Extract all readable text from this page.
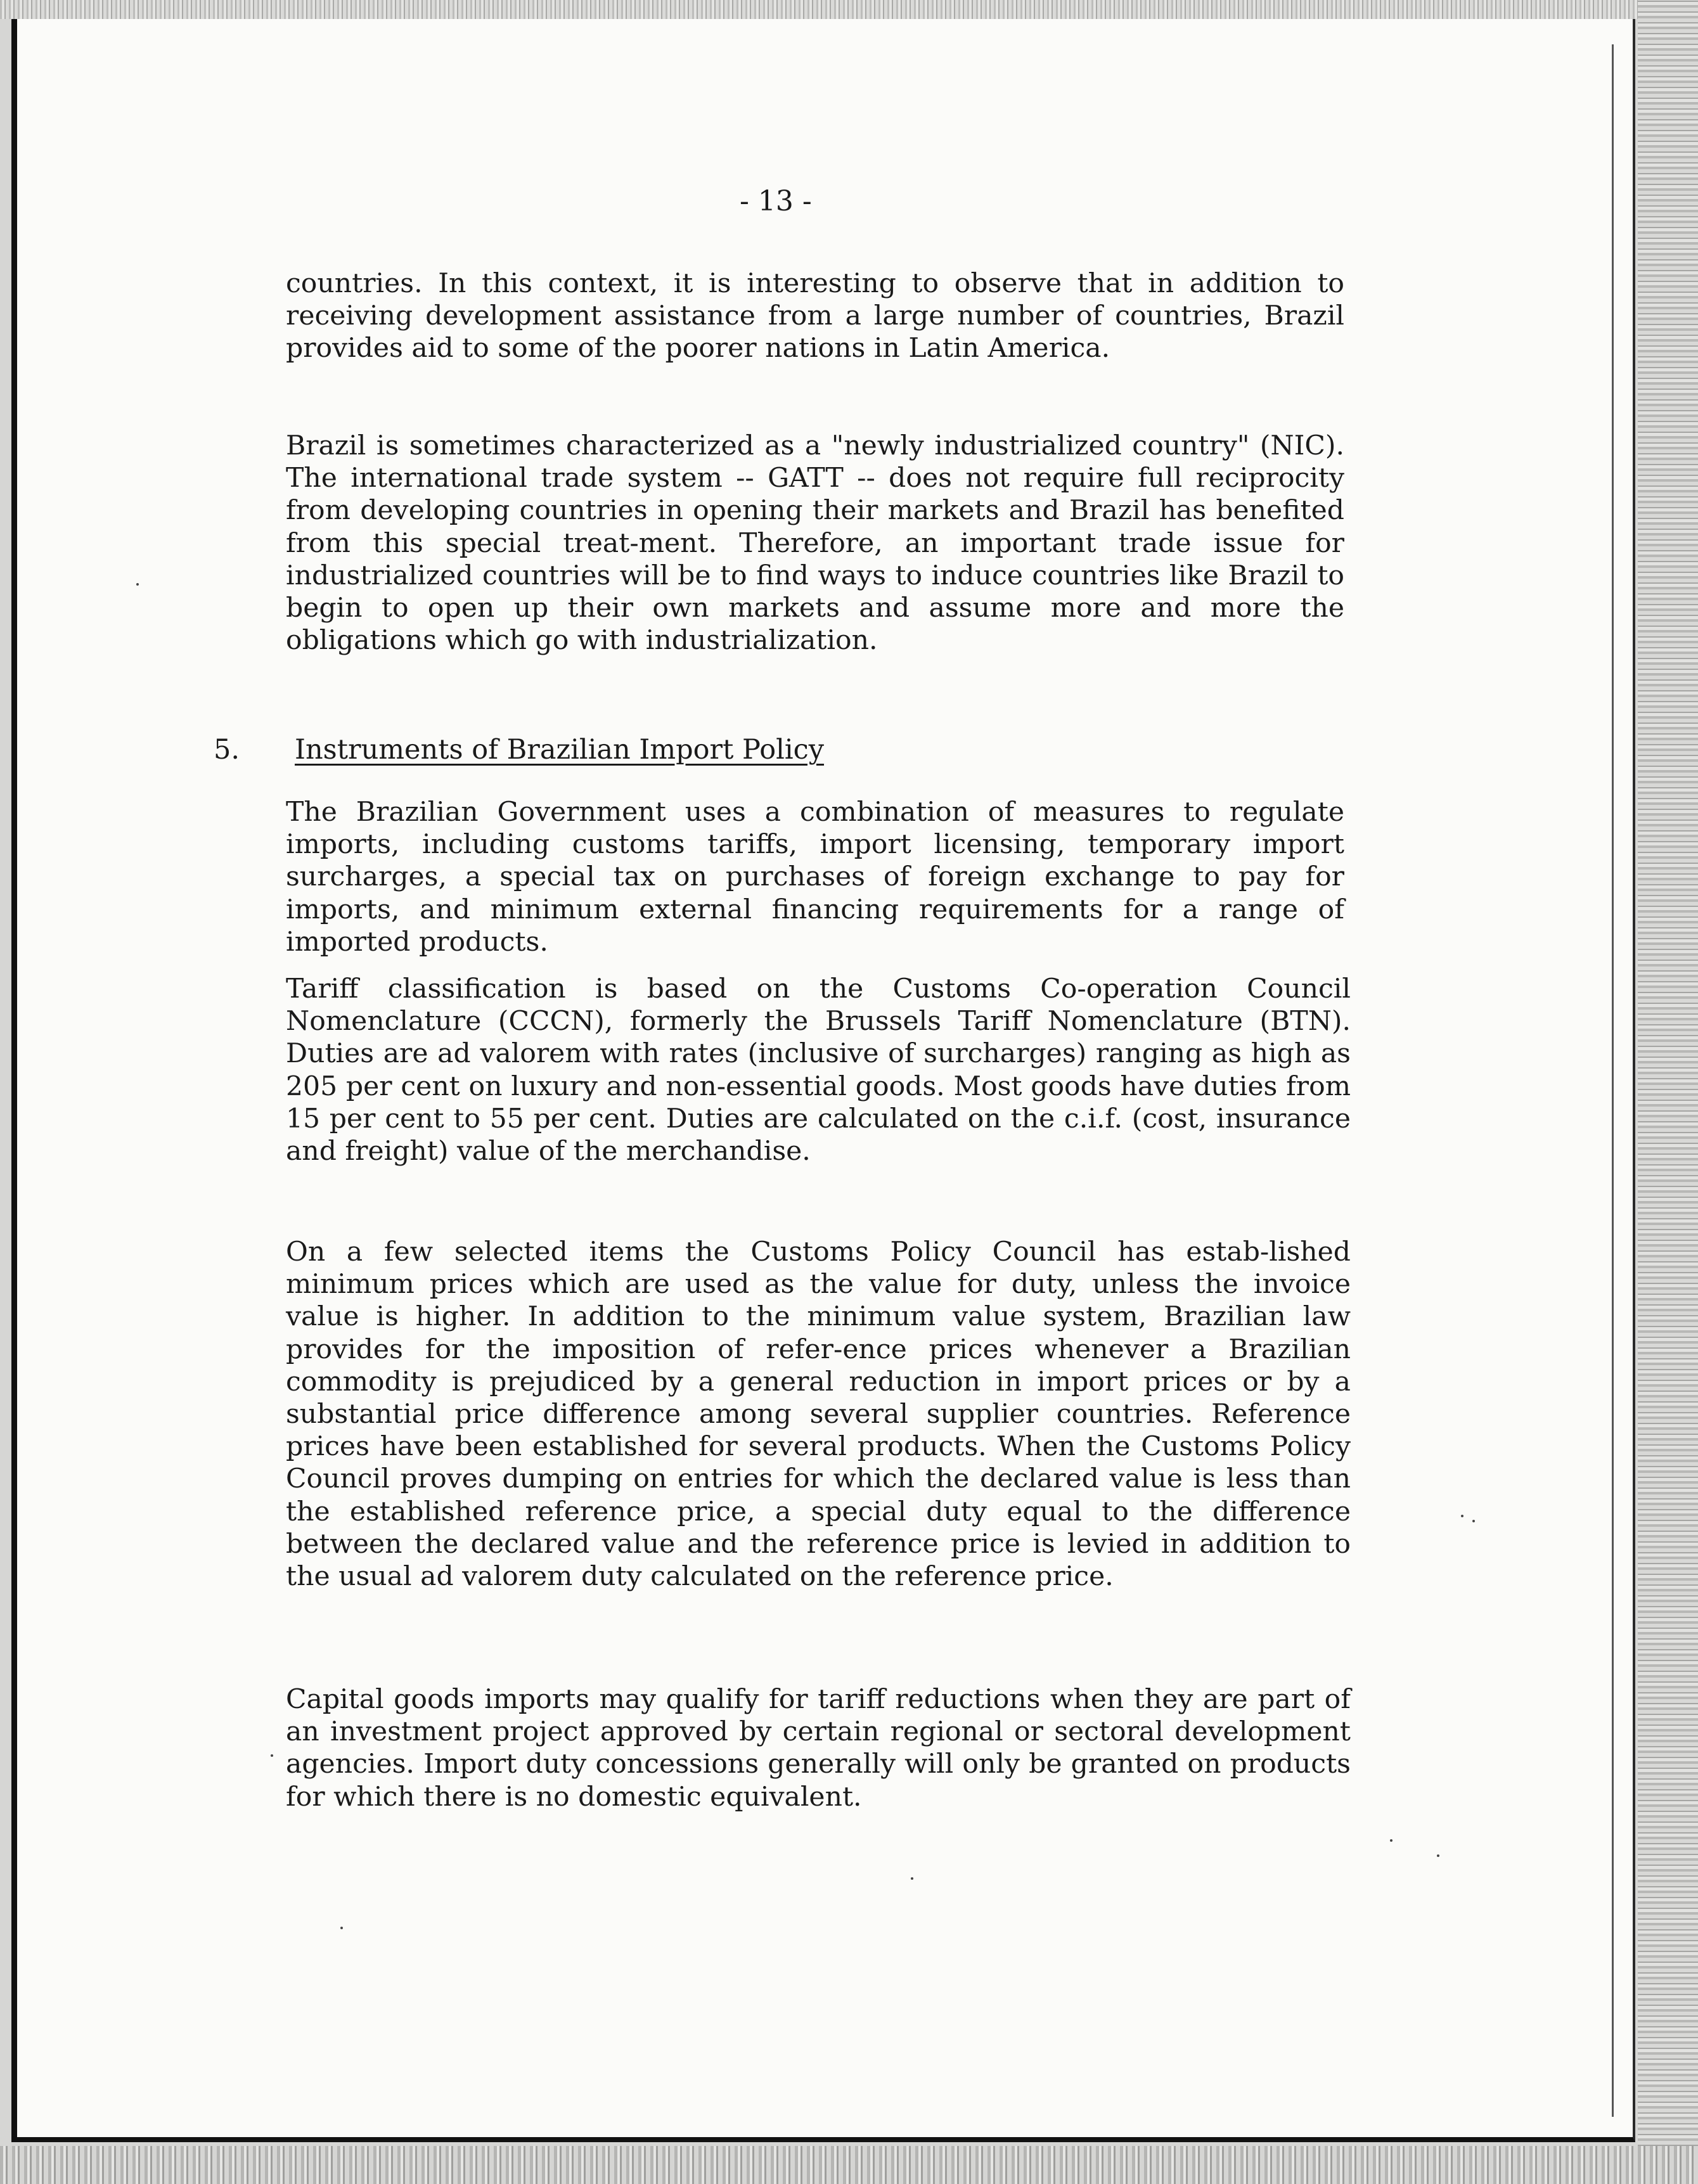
- 13 -

countries. In this context, it is interesting to observe that in addition to receiving development assistance from a large number of countries, Brazil provides aid to some of the poorer nations in Latin America.

Brazil is sometimes characterized as a "newly industrialized country" (NIC). The international trade system -- GATT -- does not require full reciprocity from developing countries in opening their markets and Brazil has benefited from this special treat-ment. Therefore, an important trade issue for industrialized countries will be to find ways to induce countries like Brazil to begin to open up their own markets and assume more and more the obligations which go with industrialization.

5. Instruments of Brazilian Import Policy

The Brazilian Government uses a combination of measures to regulate imports, including customs tariffs, import licensing, temporary import surcharges, a special tax on purchases of foreign exchange to pay for imports, and minimum external financing requirements for a range of imported products.

Tariff classification is based on the Customs Co-operation Council Nomenclature (CCCN), formerly the Brussels Tariff Nomenclature (BTN). Duties are ad valorem with rates (inclusive of surcharges) ranging as high as 205 per cent on luxury and non-essential goods. Most goods have duties from 15 per cent to 55 per cent. Duties are calculated on the c.i.f. (cost, insurance and freight) value of the merchandise.

On a few selected items the Customs Policy Council has estab-lished minimum prices which are used as the value for duty, unless the invoice value is higher. In addition to the minimum value system, Brazilian law provides for the imposition of refer-ence prices whenever a Brazilian commodity is prejudiced by a general reduction in import prices or by a substantial price difference among several supplier countries. Reference prices have been established for several products. When the Customs Policy Council proves dumping on entries for which the declared value is less than the established reference price, a special duty equal to the difference between the declared value and the reference price is levied in addition to the usual ad valorem duty calculated on the reference price.

Capital goods imports may qualify for tariff reductions when they are part of an investment project approved by certain regional or sectoral development agencies. Import duty concessions generally will only be granted on products for which there is no domestic equivalent.
